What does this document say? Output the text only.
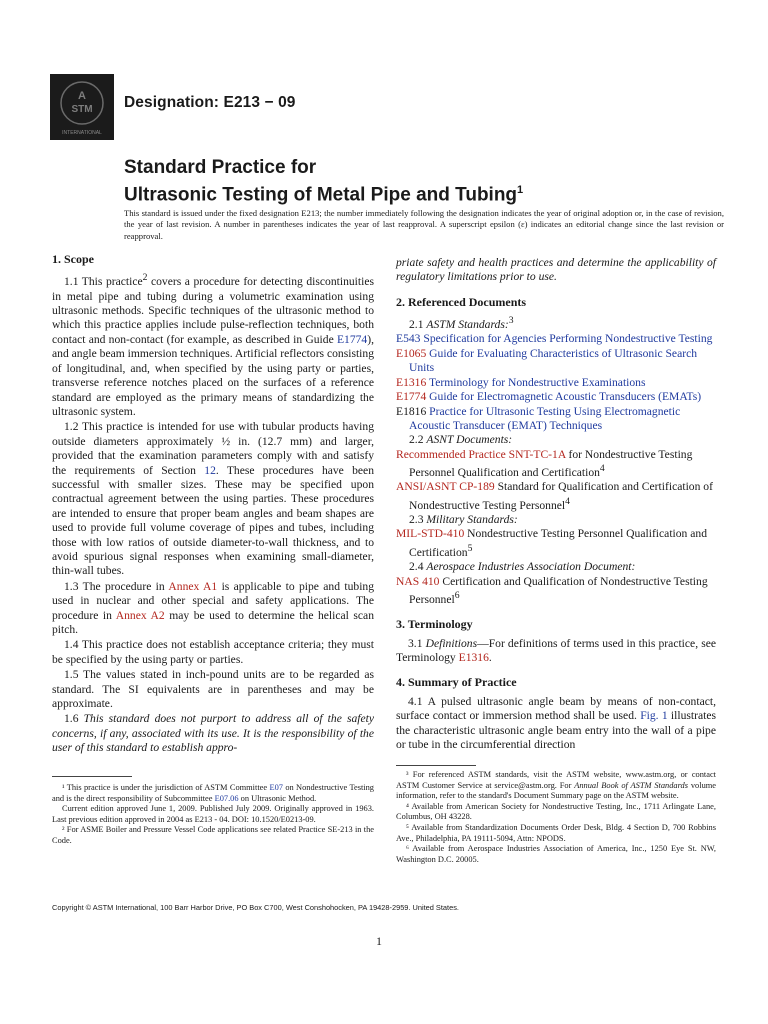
A
STM
INTERNATIONAL
Designation: E213 − 09
Standard Practice for
Ultrasonic Testing of Metal Pipe and Tubing$^1$
This standard is issued under the fixed designation E213; the number immediately following the designation indicates the year of original adoption or, in the case of revision, the year of last revision. A number in parentheses indicates the year of last reapproval. A superscript epsilon (ε) indicates an editorial change since the last revision or reapproval.
1. Scope

1.1 This practice$^2$ covers a procedure for detecting discontinuities in metal pipe and tubing during a volumetric examination using ultrasonic methods. Specific techniques of the ultrasonic method to which this practice applies include pulse-reflection techniques, both contact and non-contact (for example, as described in Guide E1774), and angle beam immersion techniques. Artificial reflectors consisting of longitudinal, and, when specified by the using party or parties, transverse reference notches placed on the surfaces of a reference standard are employed as the primary means of standardizing the ultrasonic system.

1.2 This practice is intended for use with tubular products having outside diameters approximately ½ in. (12.7 mm) and larger, provided that the examination parameters comply with and satisfy the requirements of Section 12. These procedures have been successful with smaller sizes. These may be specified upon contractual agreement between the using parties. These procedures are intended to ensure that proper beam angles and beam shapes are used to provide full volume coverage of pipes and tubes, including those with low ratios of outside diameter-to-wall thickness, and to avoid spurious signal responses when examining small-diameter, thin-wall tubes.

1.3 The procedure in Annex A1 is applicable to pipe and tubing used in nuclear and other special and safety applications. The procedure in Annex A2 may be used to determine the helical scan pitch.

1.4 This practice does not establish acceptance criteria; they must be specified by the using party or parties.

1.5 The values stated in inch-pound units are to be regarded as standard. The SI equivalents are in parentheses and may be approximate.

1.6 This standard does not purport to address all of the safety concerns, if any, associated with its use. It is the responsibility of the user of this standard to establish appro-

priate safety and health practices and determine the applicability of regulatory limitations prior to use.

2. Referenced Documents

2.1 ASTM Standards:$^3$

E543 Specification for Agencies Performing Nondestructive Testing

E1065 Guide for Evaluating Characteristics of Ultrasonic Search Units

E1316 Terminology for Nondestructive Examinations

E1774 Guide for Electromagnetic Acoustic Transducers (EMATs)

E1816 Practice for Ultrasonic Testing Using Electromagnetic Acoustic Transducer (EMAT) Techniques

2.2 ASNT Documents:

Recommended Practice SNT-TC-1A for Nondestructive Testing Personnel Qualification and Certification$^4$

ANSI/ASNT CP-189 Standard for Qualification and Certification of Nondestructive Testing Personnel$^4$

2.3 Military Standards:

MIL-STD-410 Nondestructive Testing Personnel Qualification and Certification$^5$

2.4 Aerospace Industries Association Document:

NAS 410 Certification and Qualification of Nondestructive Testing Personnel$^6$

3. Terminology

3.1 Definitions—For definitions of terms used in this practice, see Terminology E1316.

4. Summary of Practice

4.1 A pulsed ultrasonic angle beam by means of non-contact, surface contact or immersion method shall be used. Fig. 1 illustrates the characteristic ultrasonic angle beam entry into the wall of a pipe or tube in the circumferential direction

¹ This practice is under the jurisdiction of ASTM Committee E07 on Nondestructive Testing and is the direct responsibility of Subcommittee E07.06 on Ultrasonic Method.

Current edition approved June 1, 2009. Published July 2009. Originally approved in 1963. Last previous edition approved in 2004 as E213 - 04. DOI: 10.1520/E0213-09.

² For ASME Boiler and Pressure Vessel Code applications see related Practice SE-213 in the Code.

³ For referenced ASTM standards, visit the ASTM website, www.astm.org, or contact ASTM Customer Service at service@astm.org. For Annual Book of ASTM Standards volume information, refer to the standard's Document Summary page on the ASTM website.

⁴ Available from American Society for Nondestructive Testing, Inc., 1711 Arlingate Lane, Columbus, OH 43228.

⁵ Available from Standardization Documents Order Desk, Bldg. 4 Section D, 700 Robbins Ave., Philadelphia, PA 19111-5094, Attn: NPODS.

⁶ Available from Aerospace Industries Association of America, Inc., 1250 Eye St. NW, Washington D.C. 20005.

Copyright © ASTM International, 100 Barr Harbor Drive, PO Box C700, West Conshohocken, PA 19428-2959. United States.
1
